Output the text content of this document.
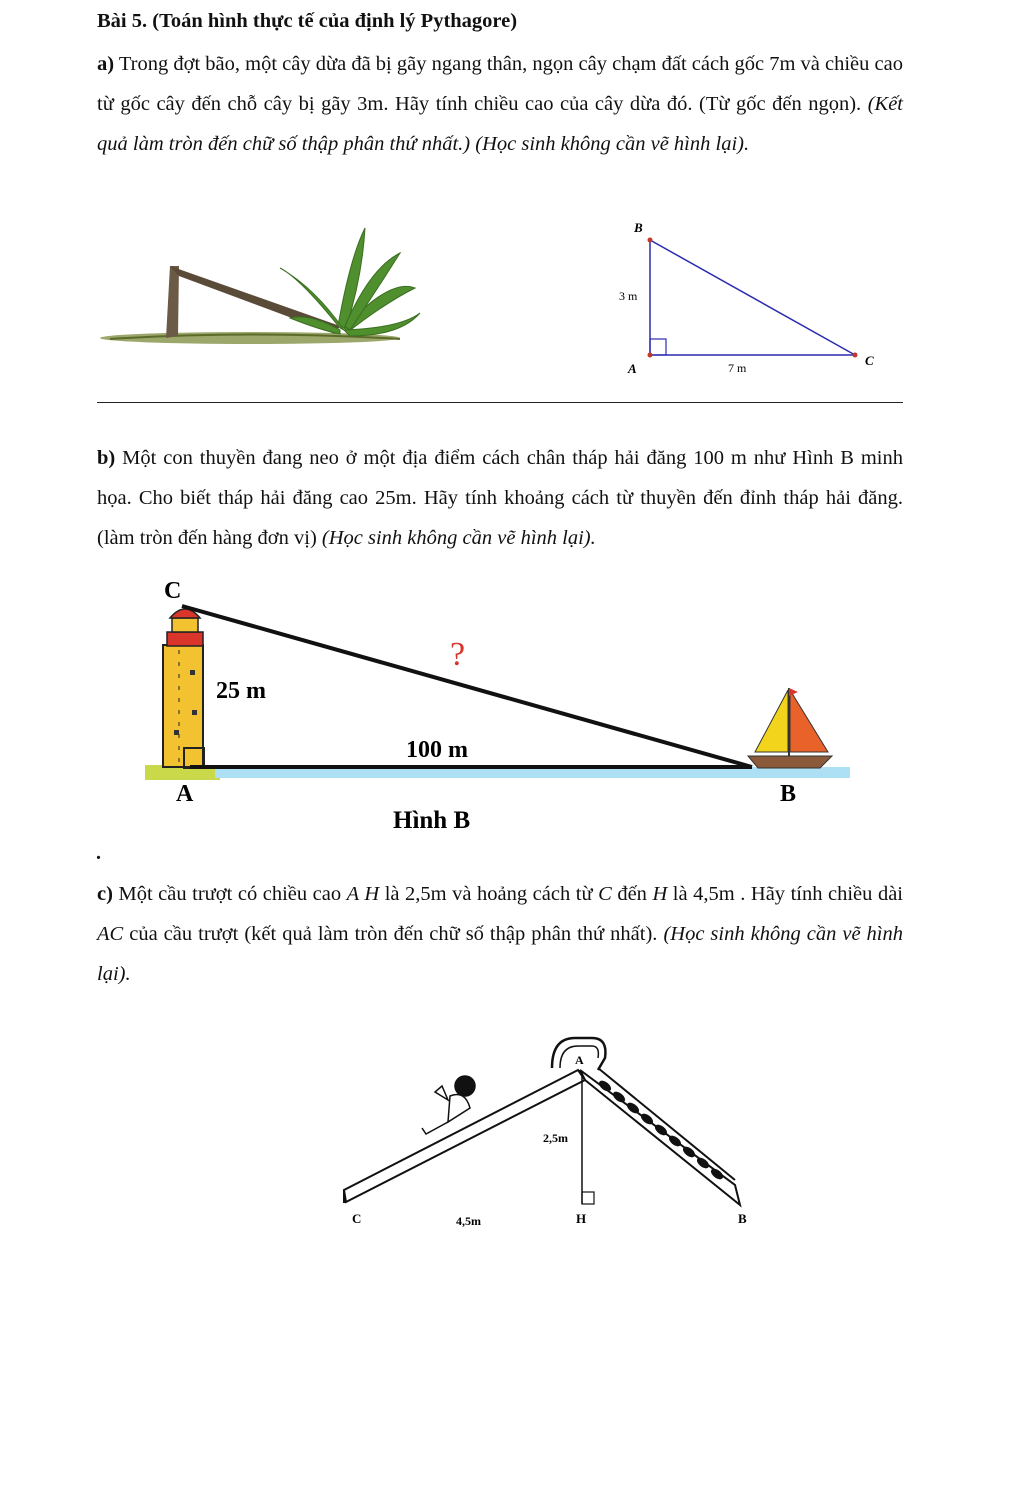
Bài 5. (Toán hình thực tế của định lý Pythagore)
a) Trong đợt bão, một cây dừa đã bị gãy ngang thân, ngọn cây chạm đất cách gốc 7m và chiều cao từ gốc cây đến chỗ cây bị gãy 3m. Hãy tính chiều cao của cây dừa đó. (Từ gốc đến ngọn). (Kết quả làm tròn đến chữ số thập phân thứ nhất.) (Học sinh không cần vẽ hình lại).
B
A
C
3 m
7 m
b) Một con thuyền đang neo ở một địa điểm cách chân tháp hải đăng 100 m như Hình B minh họa. Cho biết tháp hải đăng cao 25m. Hãy tính khoảng cách từ thuyền đến đỉnh tháp hải đăng. (làm tròn đến hàng đơn vị) (Học sinh không cần vẽ hình lại).
C
25 m
100 m
?
A	B
Hình B
.
c) Một cầu trượt có chiều cao A H là 2,5m và hoảng cách từ C đến H là 4,5m . Hãy tính chiều dài AC của cầu trượt (kết quả làm tròn đến chữ số thập phân thứ nhất). (Học sinh không cần vẽ hình lại).
A
2,5m
C	4,5m	H	B
